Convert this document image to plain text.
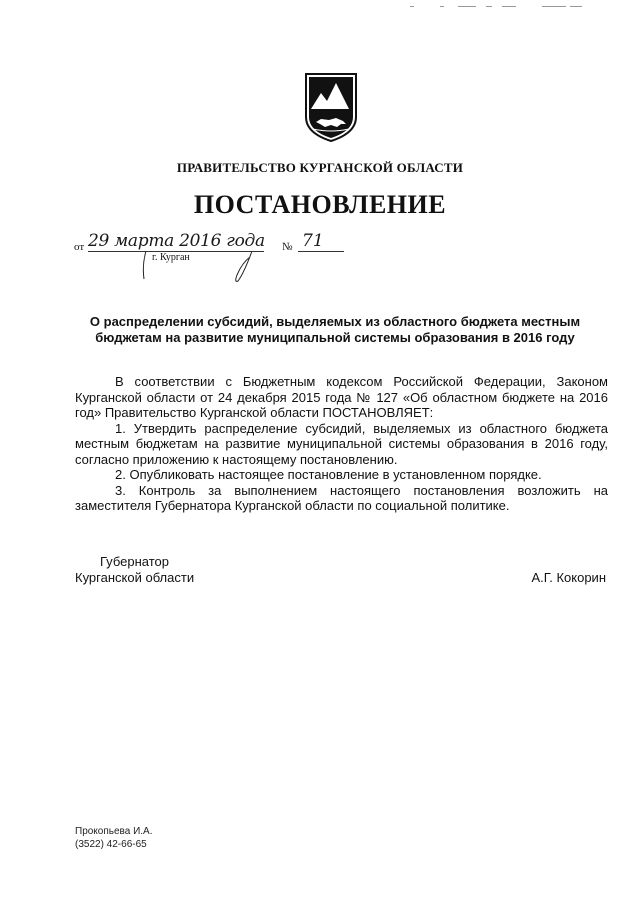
ПРАВИТЕЛЬСТВО КУРГАНСКОЙ ОБЛАСТИ
ПОСТАНОВЛЕНИЕ
от 29 марта 2016 года № 71
г. Курган
О распределении субсидий, выделяемых из областного бюджета местным бюджетам на развитие муниципальной системы образования в 2016 году

В соответствии с Бюджетным кодексом Российской Федерации, Законом Курганской области от 24 декабря 2015 года № 127 «Об областном бюджете на 2016 год» Правительство Курганской области ПОСТАНОВЛЯЕТ:

1. Утвердить распределение субсидий, выделяемых из областного бюджета местным бюджетам на развитие муниципальной системы образования в 2016 году, согласно приложению к настоящему постановлению.

2. Опубликовать настоящее постановление в установленном порядке.

3. Контроль за выполнением настоящего постановления возложить на заместителя Губернатора Курганской области по социальной политике.

Губернатор
Курганской области	А.Г. Кокорин
Прокопьева И.А.
(3522) 42-66-65
